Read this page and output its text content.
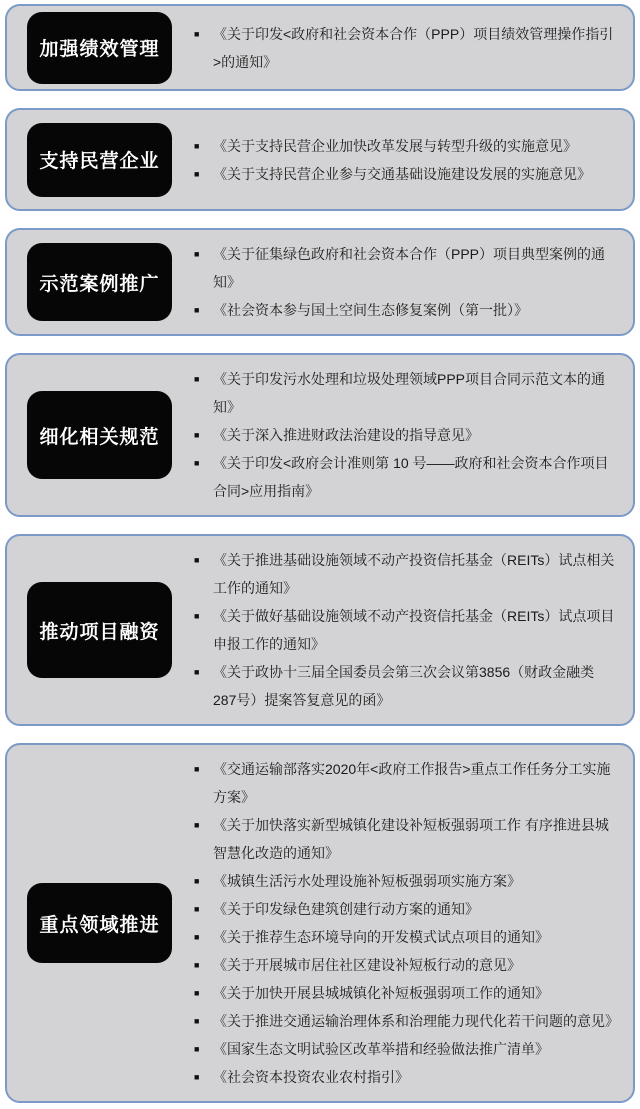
加强绩效管理
■ 《关于印发<政府和社会资本合作（PPP）项目绩效管理操作指引>的通知》
支持民营企业
■ 《关于支持民营企业加快改革发展与转型升级的实施意见》
■ 《关于支持民营企业参与交通基础设施建设发展的实施意见》
示范案例推广
■ 《关于征集绿色政府和社会资本合作（PPP）项目典型案例的通知》
■ 《社会资本参与国土空间生态修复案例（第一批）》
细化相关规范
■ 《关于印发污水处理和垃圾处理领域PPP项目合同示范文本的通知》
■ 《关于深入推进财政法治建设的指导意见》
■ 《关于印发<政府会计准则第 10 号——政府和社会资本合作项目合同>应用指南》
推动项目融资
■ 《关于推进基础设施领域不动产投资信托基金（REITs）试点相关工作的通知》
■ 《关于做好基础设施领域不动产投资信托基金（REITs）试点项目申报工作的通知》
■ 《关于政协十三届全国委员会第三次会议第3856（财政金融类287号）提案答复意见的函》
重点领域推进
■ 《交通运输部落实2020年<政府工作报告>重点工作任务分工实施方案》
■ 《关于加快落实新型城镇化建设补短板强弱项工作 有序推进县城智慧化改造的通知》
■ 《城镇生活污水处理设施补短板强弱项实施方案》
■ 《关于印发绿色建筑创建行动方案的通知》
■ 《关于推荐生态环境导向的开发模式试点项目的通知》
■ 《关于开展城市居住社区建设补短板行动的意见》
■ 《关于加快开展县城城镇化补短板强弱项工作的通知》
■ 《关于推进交通运输治理体系和治理能力现代化若干问题的意见》
■ 《国家生态文明试验区改革举措和经验做法推广清单》
■ 《社会资本投资农业农村指引》
